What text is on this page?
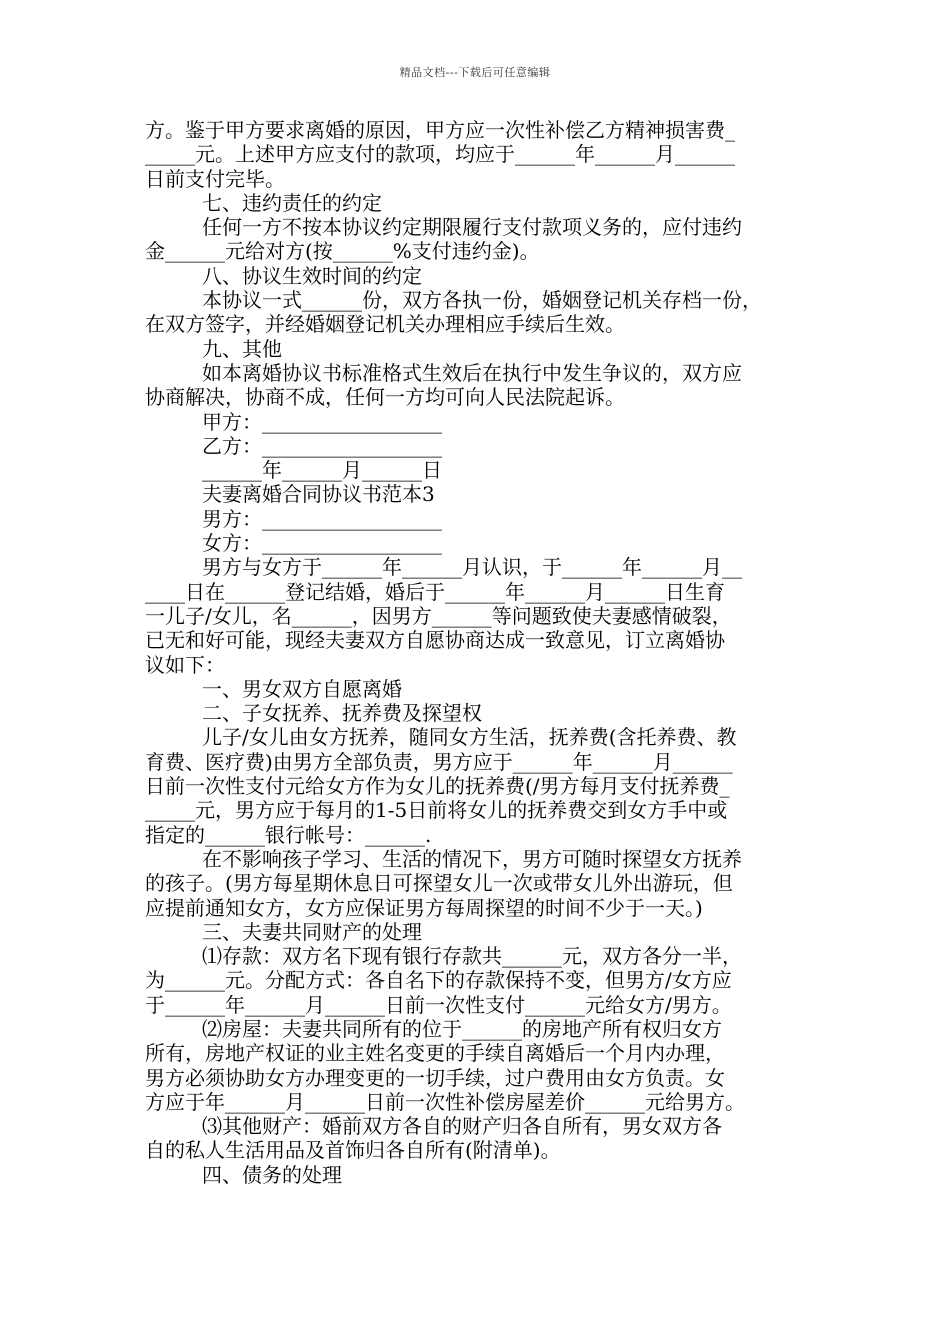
精品文档---下载后可任意编辑
方。鉴于甲方要求离婚的原因，甲方应一次性补偿乙方精神损害费_
_____元。上述甲方应支付的款项，均应于______年______月______
日前支付完毕。
七、违约责任的约定
任何一方不按本协议约定期限履行支付款项义务的，应付违约
金______元给对方(按______%支付违约金)。
八、协议生效时间的约定
本协议一式______份，双方各执一份，婚姻登记机关存档一份，
在双方签字，并经婚姻登记机关办理相应手续后生效。
九、其他
如本离婚协议书标准格式生效后在执行中发生争议的，双方应
协商解决，协商不成，任何一方均可向人民法院起诉。
甲方：__________________
乙方：__________________
______年______月______日
夫妻离婚合同协议书范本3
男方：__________________
女方：__________________
男方与女方于______年______月认识，于______年______月__
____日在______登记结婚，婚后于______年______月______日生育
一儿子/女儿，名______，因男方______等问题致使夫妻感情破裂，
已无和好可能，现经夫妻双方自愿协商达成一致意见，订立离婚协
议如下：
一、男女双方自愿离婚
二、子女抚养、抚养费及探望权
儿子/女儿由女方抚养，随同女方生活，抚养费(含托养费、教
育费、医疗费)由男方全部负责，男方应于______年______月______
日前一次性支付元给女方作为女儿的抚养费(/男方每月支付抚养费_
_____元，男方应于每月的1-5日前将女儿的抚养费交到女方手中或
指定的______银行帐号：______.
在不影响孩子学习、生活的情况下，男方可随时探望女方抚养
的孩子。(男方每星期休息日可探望女儿一次或带女儿外出游玩，但
应提前通知女方，女方应保证男方每周探望的时间不少于一天。)
三、夫妻共同财产的处理
⑴存款：双方名下现有银行存款共______元，双方各分一半，
为______元。分配方式：各自名下的存款保持不变，但男方/女方应
于______年______月______日前一次性支付______元给女方/男方。
⑵房屋：夫妻共同所有的位于______的房地产所有权归女方
所有，房地产权证的业主姓名变更的手续自离婚后一个月内办理，
男方必须协助女方办理变更的一切手续，过户费用由女方负责。女
方应于年______月______日前一次性补偿房屋差价______元给男方。
⑶其他财产：婚前双方各自的财产归各自所有，男女双方各
自的私人生活用品及首饰归各自所有(附清单)。
四、债务的处理
